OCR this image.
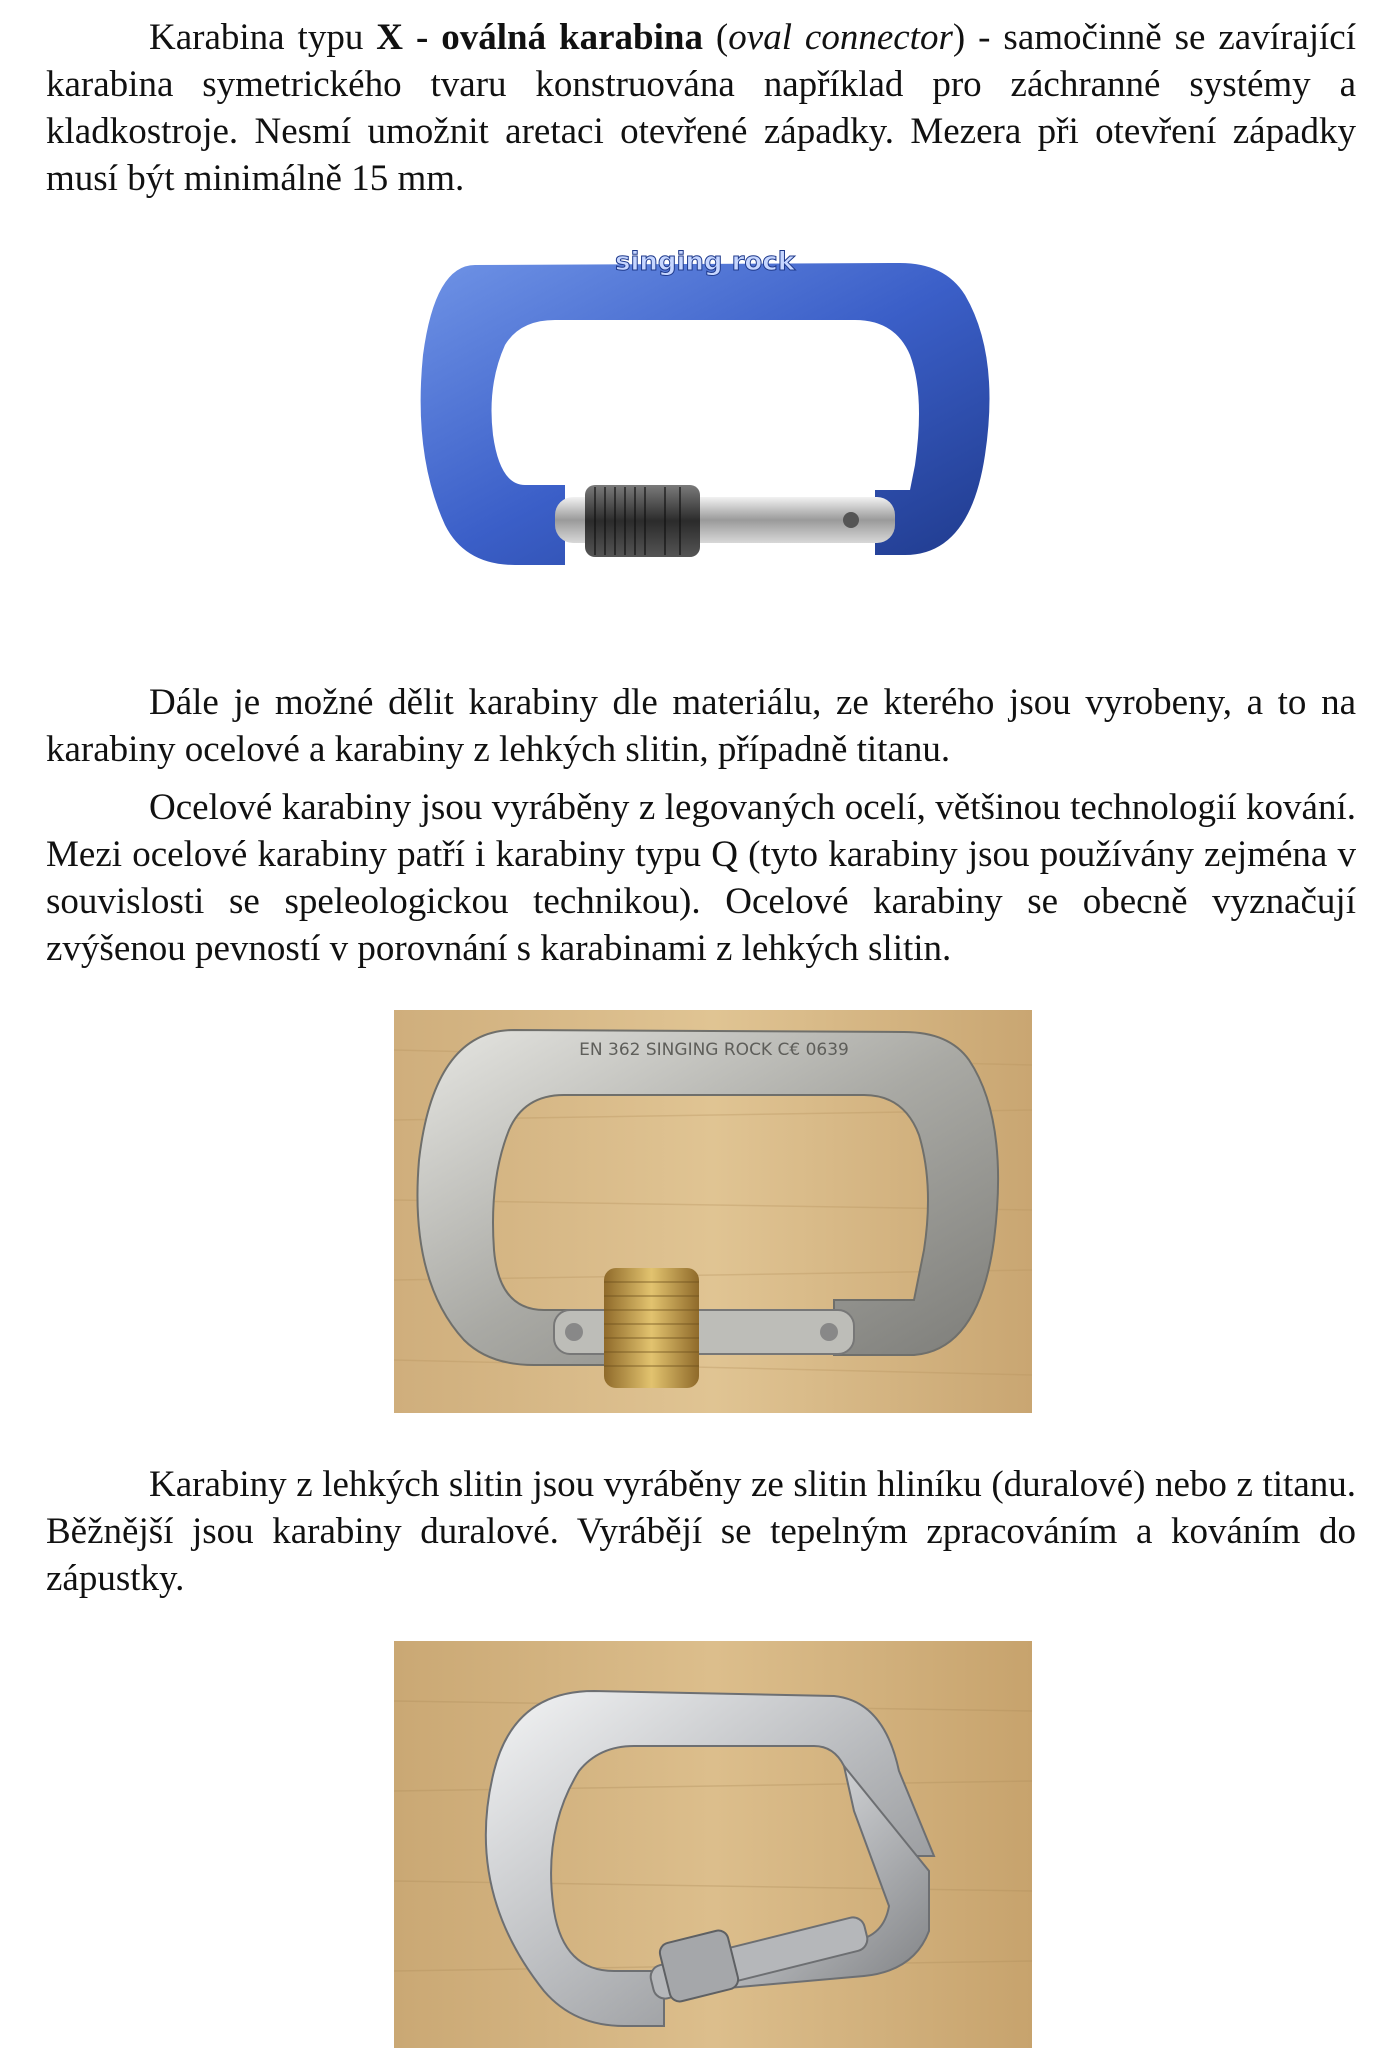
Karabina typu X - oválná karabina (oval connector) - samočinně se zavírající karabina symetrického tvaru konstruována například pro záchranné systémy a kladkostroje. Nesmí umožnit aretaci otevřené západky. Mezera při otevření západky musí být minimálně 15 mm.

singing rock

Dále je možné dělit karabiny dle materiálu, ze kterého jsou vyrobeny, a to na karabiny ocelové a karabiny z lehkých slitin, případně titanu.

Ocelové karabiny jsou vyráběny z legovaných ocelí, většinou technologií kování. Mezi ocelové karabiny patří i karabiny typu Q (tyto karabiny jsou používány zejména v souvislosti se speleologickou technikou). Ocelové karabiny se obecně vyznačují zvýšenou pevností v porovnání s karabinami z lehkých slitin.

EN 362 SINGING ROCK C€ 0639

Karabiny z lehkých slitin jsou vyráběny ze slitin hliníku (duralové) nebo z titanu. Běžnější jsou karabiny duralové. Vyrábějí se tepelným zpracováním a kováním do zápustky.
